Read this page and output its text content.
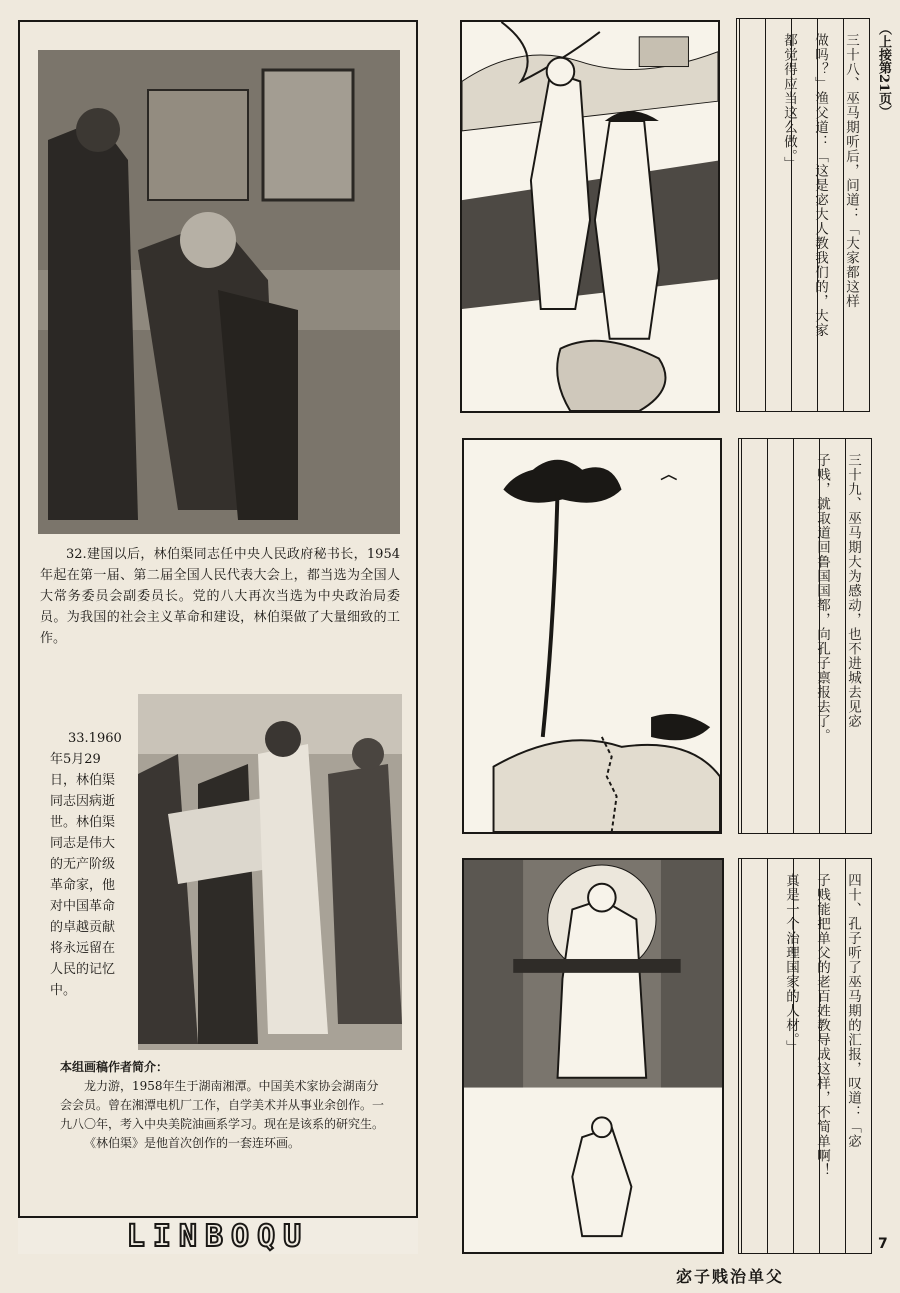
32.建国以后，林伯渠同志任中央人民政府秘书长，1954年起在第一届、第二届全国人民代表大会上，都当选为全国人大常务委员会副委员长。党的八大再次当选为中央政治局委员。为我国的社会主义革命和建设，林伯渠做了大量细致的工作。
33.1960
年5月29
日，林伯渠
同志因病逝
世。林伯渠
同志是伟大
的无产阶级
革命家，他
对中国革命
的卓越贡献
将永远留在
人民的记忆
中。
本组画稿作者简介：
龙力游，1958年生于湖南湘潭。中国美术家协会湖南分会会员。曾在湘潭电机厂工作，自学美术并从事业余创作。一九八〇年，考入中央美院油画系学习。现在是该系的研究生。
《林伯渠》是他首次创作的一套连环画。
LINBOQU
三十八、巫马期听后，问道：「大家都这样
做吗？」渔父道：「这是宓大人教我们的，大家
都觉得应当这么做。」
三十九、巫马期大为感动，也不进城去见宓
子贱，就取道回鲁国国都，向孔子禀报去了。
四十、孔子听了巫马期的汇报，叹道：「宓
子贱能把单父的老百姓教导成这样，不简单啊！
真是一个治理国家的人材。」
（上接第21页）
7
宓子贱治单父
